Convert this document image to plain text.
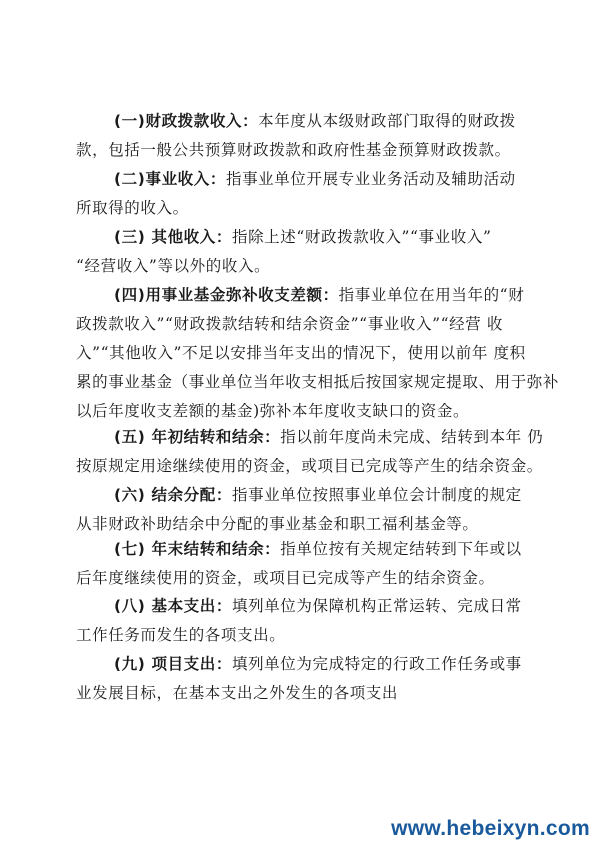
(一)财政拨款收入：本年度从本级财政部门取得的财政拨
款，包括一般公共预算财政拨款和政府性基金预算财政拨款。

(二)事业收入：指事业单位开展专业业务活动及辅助活动
所取得的收入。

(三) 其他收入：指除上述“财政拨款收入”“事业收入”
“经营收入”等以外的收入。

(四)用事业基金弥补收支差额：指事业单位在用当年的“财
政拨款收入”“财政拨款结转和结余资金”“事业收入”“经营 收
入”“其他收入”不足以安排当年支出的情况下，使用以前年 度积
累的事业基金（事业单位当年收支相抵后按国家规定提取、用于弥补
以后年度收支差额的基金)弥补本年度收支缺口的资金。

(五) 年初结转和结余：指以前年度尚未完成、结转到本年 仍
按原规定用途继续使用的资金，或项目已完成等产生的结余资金。

(六) 结余分配：指事业单位按照事业单位会计制度的规定
从非财政补助结余中分配的事业基金和职工福利基金等。

(七) 年末结转和结余：指单位按有关规定结转到下年或以
后年度继续使用的资金，或项目已完成等产生的结余资金。

(八) 基本支出：填列单位为保障机构正常运转、完成日常
工作任务而发生的各项支出。

(九) 项目支出：填列单位为完成特定的行政工作任务或事
业发展目标，在基本支出之外发生的各项支出

www.hebeixyn.com
